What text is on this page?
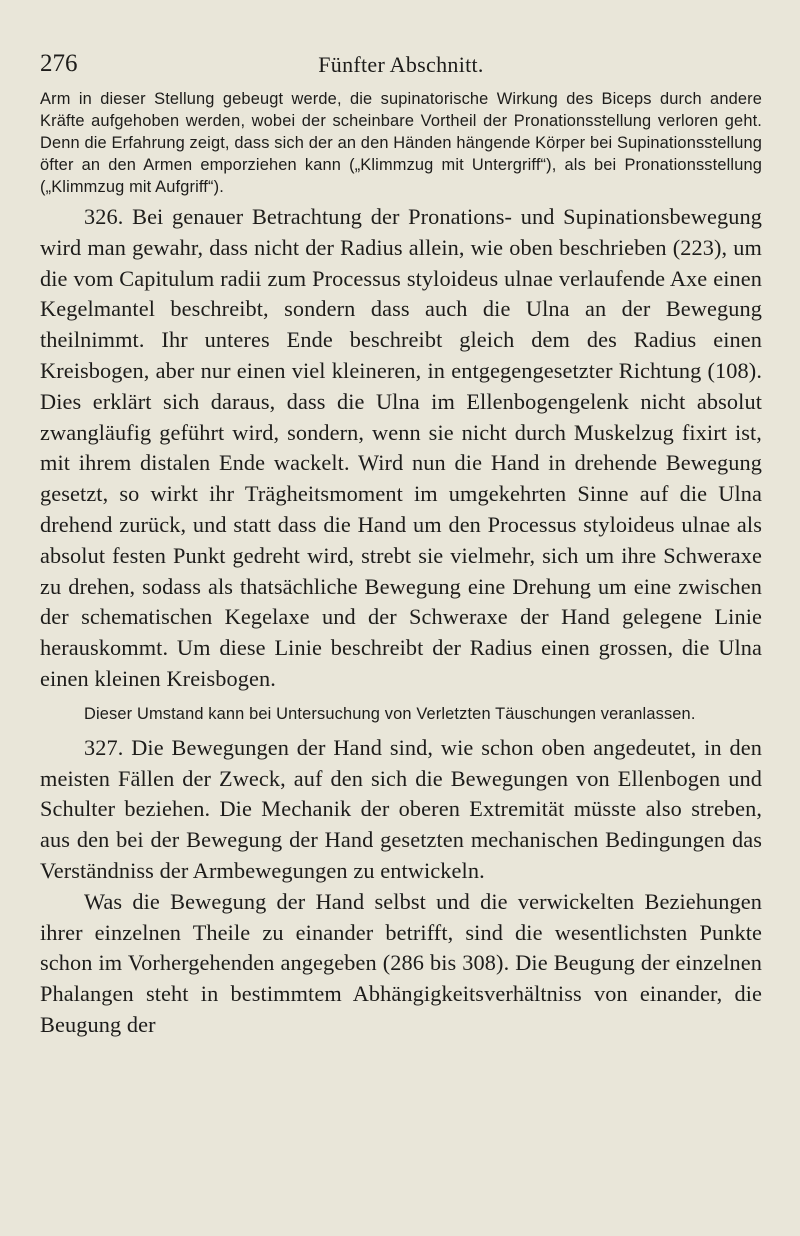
276	Fünfter Abschnitt.

Arm in dieser Stellung gebeugt werde, die supinatorische Wirkung des Biceps durch andere Kräfte aufgehoben werden, wobei der scheinbare Vortheil der Pronationsstellung verloren geht. Denn die Erfahrung zeigt, dass sich der an den Händen hängende Körper bei Supinationsstellung öfter an den Armen emporziehen kann („Klimmzug mit Untergriff“), als bei Pronationsstellung („Klimmzug mit Aufgriff“).

326. Bei genauer Betrachtung der Pronations- und Supinationsbewegung wird man gewahr, dass nicht der Radius allein, wie oben beschrieben (223), um die vom Capitulum radii zum Processus styloideus ulnae verlaufende Axe einen Kegelmantel beschreibt, sondern dass auch die Ulna an der Bewegung theilnimmt. Ihr unteres Ende beschreibt gleich dem des Radius einen Kreisbogen, aber nur einen viel kleineren, in entgegengesetzter Richtung (108). Dies erklärt sich daraus, dass die Ulna im Ellenbogengelenk nicht absolut zwangläufig geführt wird, sondern, wenn sie nicht durch Muskelzug fixirt ist, mit ihrem distalen Ende wackelt. Wird nun die Hand in drehende Bewegung gesetzt, so wirkt ihr Trägheitsmoment im umgekehrten Sinne auf die Ulna drehend zurück, und statt dass die Hand um den Processus styloideus ulnae als absolut festen Punkt gedreht wird, strebt sie vielmehr, sich um ihre Schweraxe zu drehen, sodass als thatsächliche Bewegung eine Drehung um eine zwischen der schematischen Kegelaxe und der Schweraxe der Hand gelegene Linie herauskommt. Um diese Linie beschreibt der Radius einen grossen, die Ulna einen kleinen Kreisbogen.

Dieser Umstand kann bei Untersuchung von Verletzten Täuschungen veranlassen.

327. Die Bewegungen der Hand sind, wie schon oben angedeutet, in den meisten Fällen der Zweck, auf den sich die Bewegungen von Ellenbogen und Schulter beziehen. Die Mechanik der oberen Extremität müsste also streben, aus den bei der Bewegung der Hand gesetzten mechanischen Bedingungen das Verständniss der Armbewegungen zu entwickeln.

Was die Bewegung der Hand selbst und die verwickelten Beziehungen ihrer einzelnen Theile zu einander betrifft, sind die wesentlichsten Punkte schon im Vorhergehenden angegeben (286 bis 308). Die Beugung der einzelnen Phalangen steht in bestimmtem Abhängigkeitsverhältniss von einander, die Beugung der
